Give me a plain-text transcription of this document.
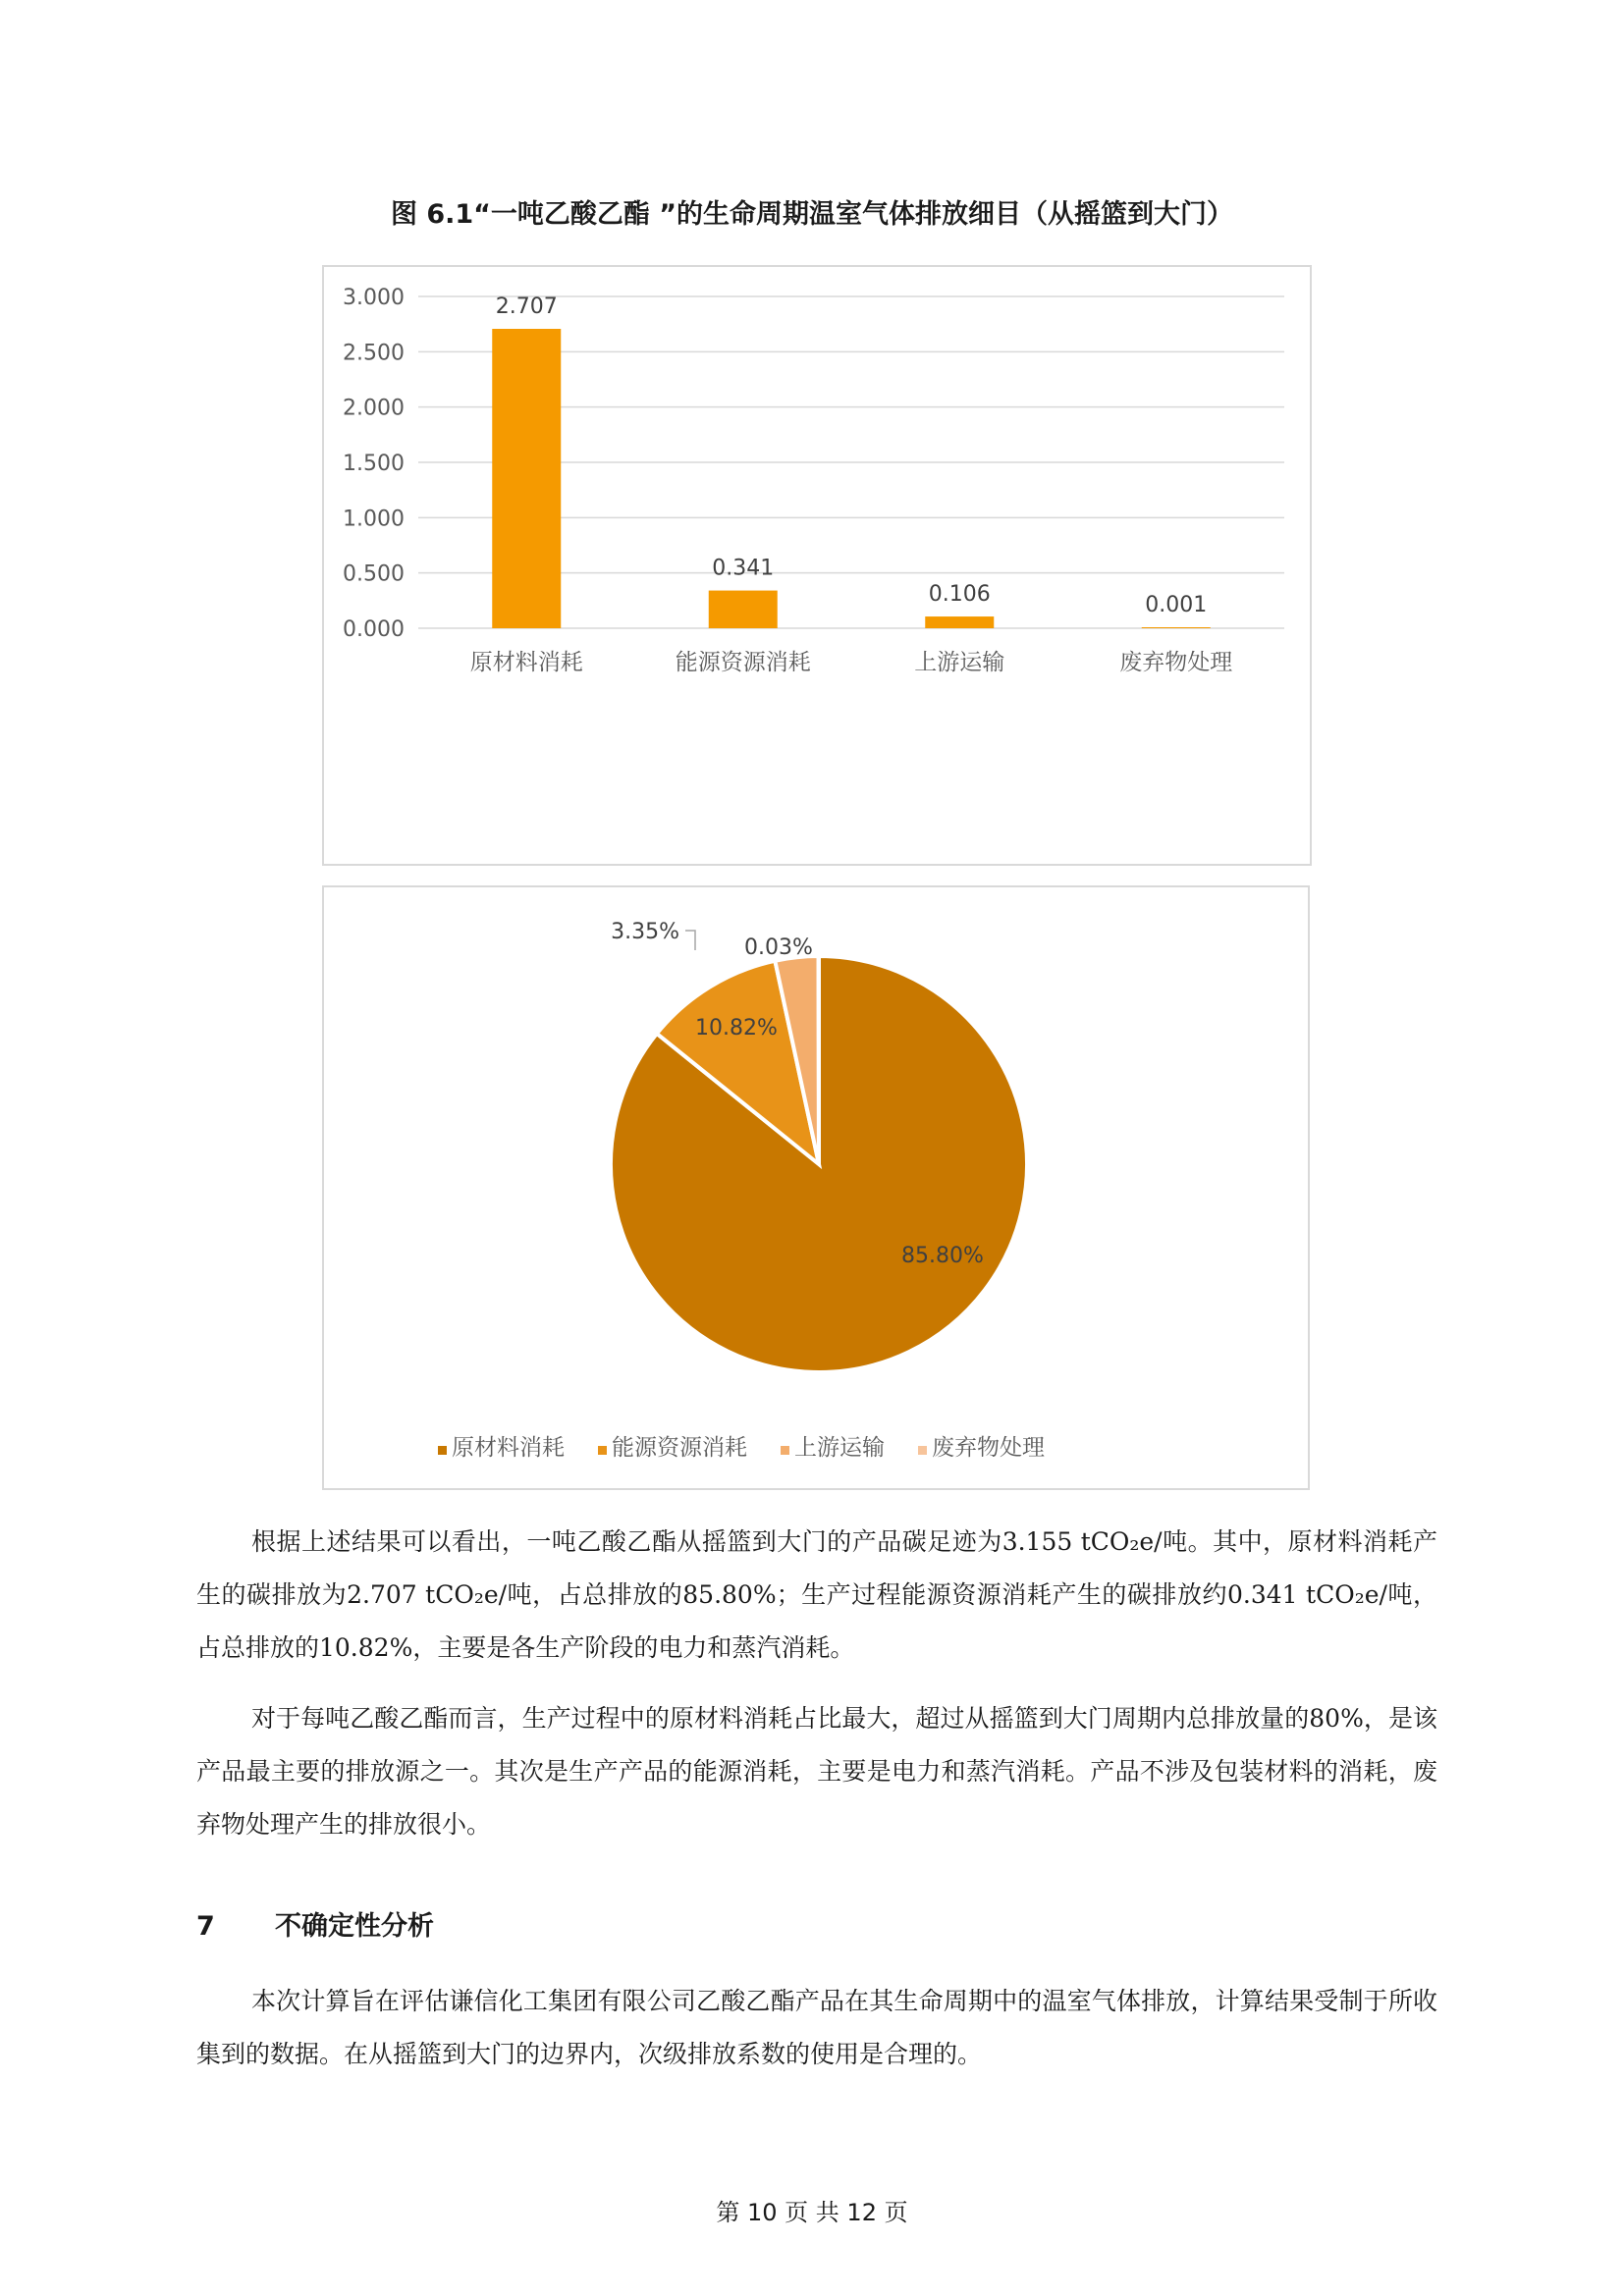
图 6.1“一吨乙酸乙酯 ”的生命周期温室气体排放细目（从摇篮到大门）
0.000
0.500
1.000
1.500
2.000
2.500
3.000	2.707
原材料消耗
0.341
能源资源消耗
0.106
上游运输
0.001
废弃物处理
85.80%
10.82%
3.35%
0.03%
原材料消耗 能源资源消耗 上游运输 废弃物处理

根据上述结果可以看出，一吨乙酸乙酯从摇篮到大门的产品碳足迹为3.155 tCO₂e/吨。其中，原材料消耗产生的碳排放为2.707 tCO₂e/吨，占总排放的85.80%；生产过程能源资源消耗产生的碳排放约0.341 tCO₂e/吨，占总排放的10.82%，主要是各生产阶段的电力和蒸汽消耗。

对于每吨乙酸乙酯而言，生产过程中的原材料消耗占比最大，超过从摇篮到大门周期内总排放量的80%，是该产品最主要的排放源之一。其次是生产产品的能源消耗，主要是电力和蒸汽消耗。产品不涉及包装材料的消耗，废弃物处理产生的排放很小。

7 不确定性分析

本次计算旨在评估谦信化工集团有限公司乙酸乙酯产品在其生命周期中的温室气体排放，计算结果受制于所收集到的数据。在从摇篮到大门的边界内，次级排放系数的使用是合理的。

第 10 页 共 12 页
